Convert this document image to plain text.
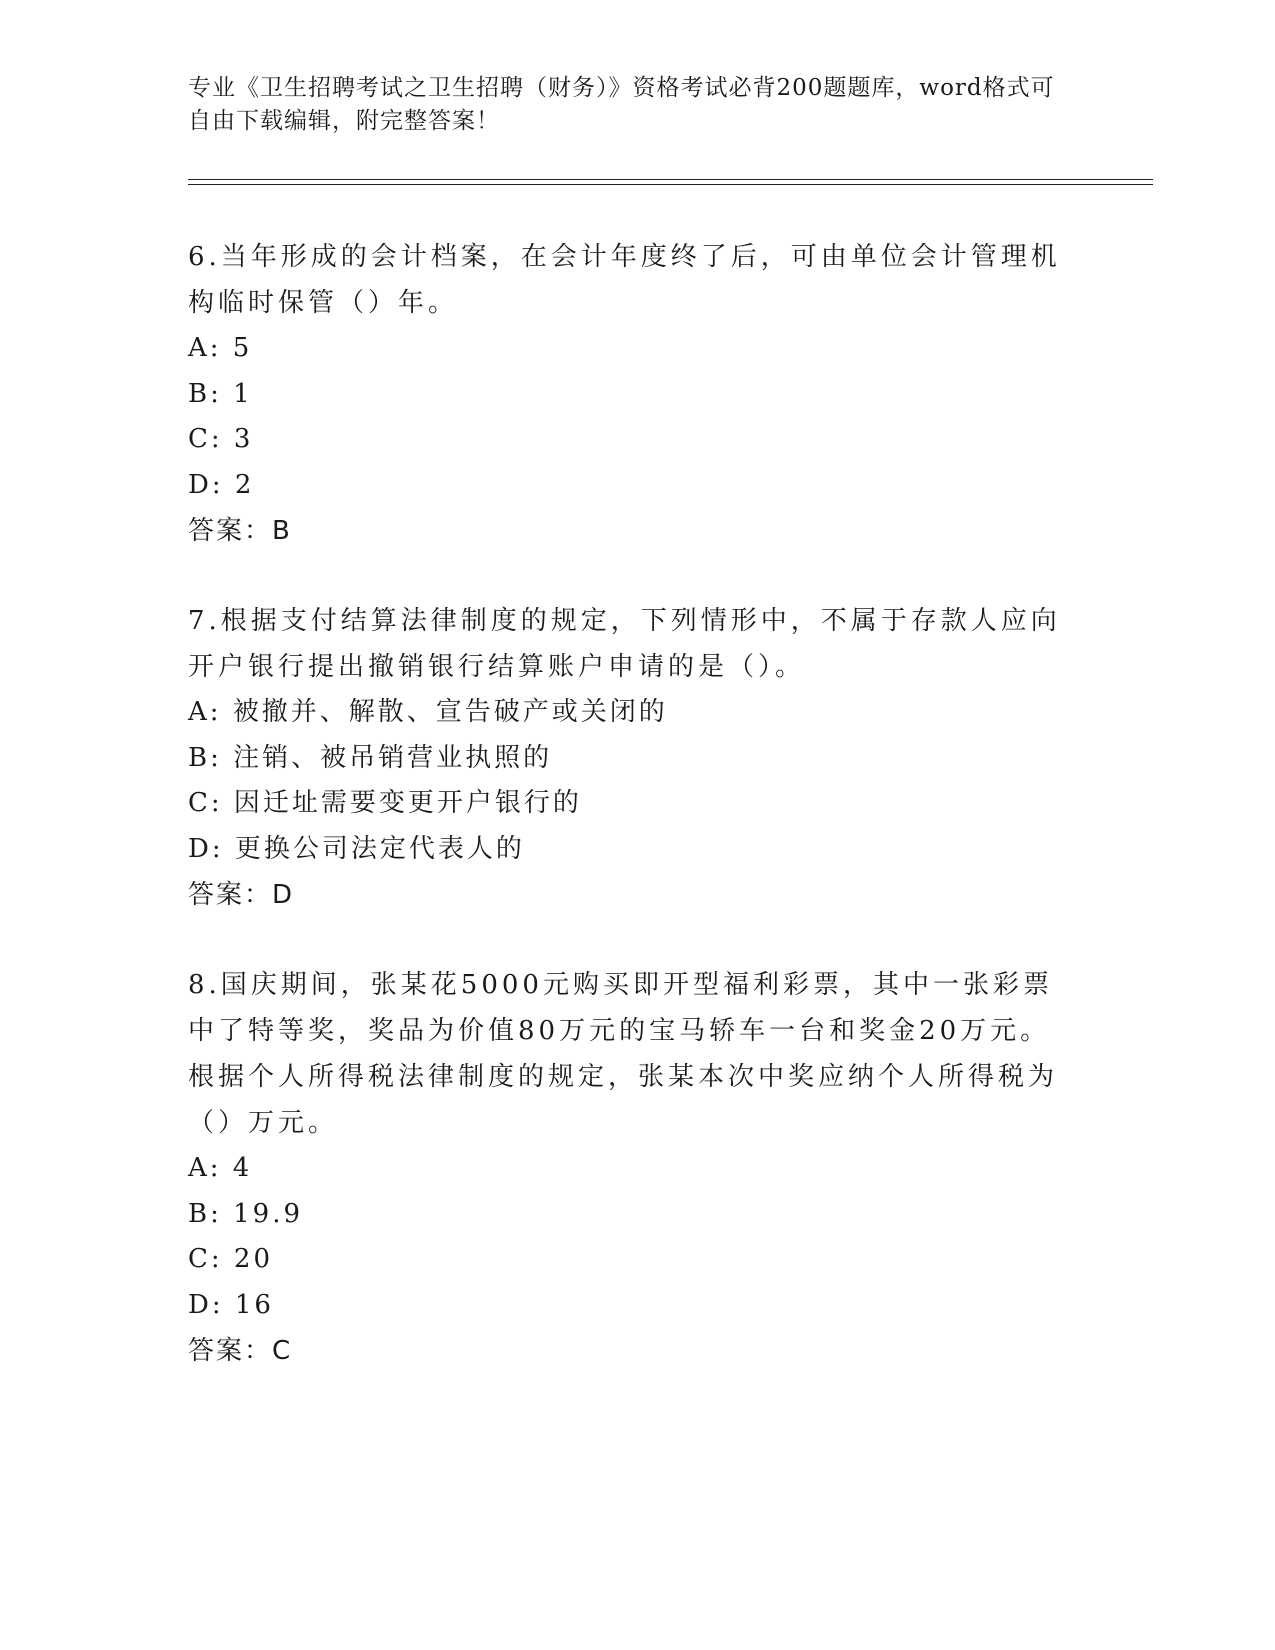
专业《卫生招聘考试之卫生招聘（财务）》资格考试必背200题题库，word格式可自由下载编辑，附完整答案！

6.当年形成的会计档案，在会计年度终了后，可由单位会计管理机构临时保管（）年。

A: 5

B: 1

C: 3

D: 2

答案：B

7.根据支付结算法律制度的规定，下列情形中，不属于存款人应向开户银行提出撤销银行结算账户申请的是（）。

A: 被撤并、解散、宣告破产或关闭的

B: 注销、被吊销营业执照的

C: 因迁址需要变更开户银行的

D: 更换公司法定代表人的

答案：D

8.国庆期间，张某花5000元购买即开型福利彩票，其中一张彩票中了特等奖，奖品为价值80万元的宝马轿车一台和奖金20万元。根据个人所得税法律制度的规定，张某本次中奖应纳个人所得税为（）万元。

A: 4

B: 19.9

C: 20

D: 16

答案：C
